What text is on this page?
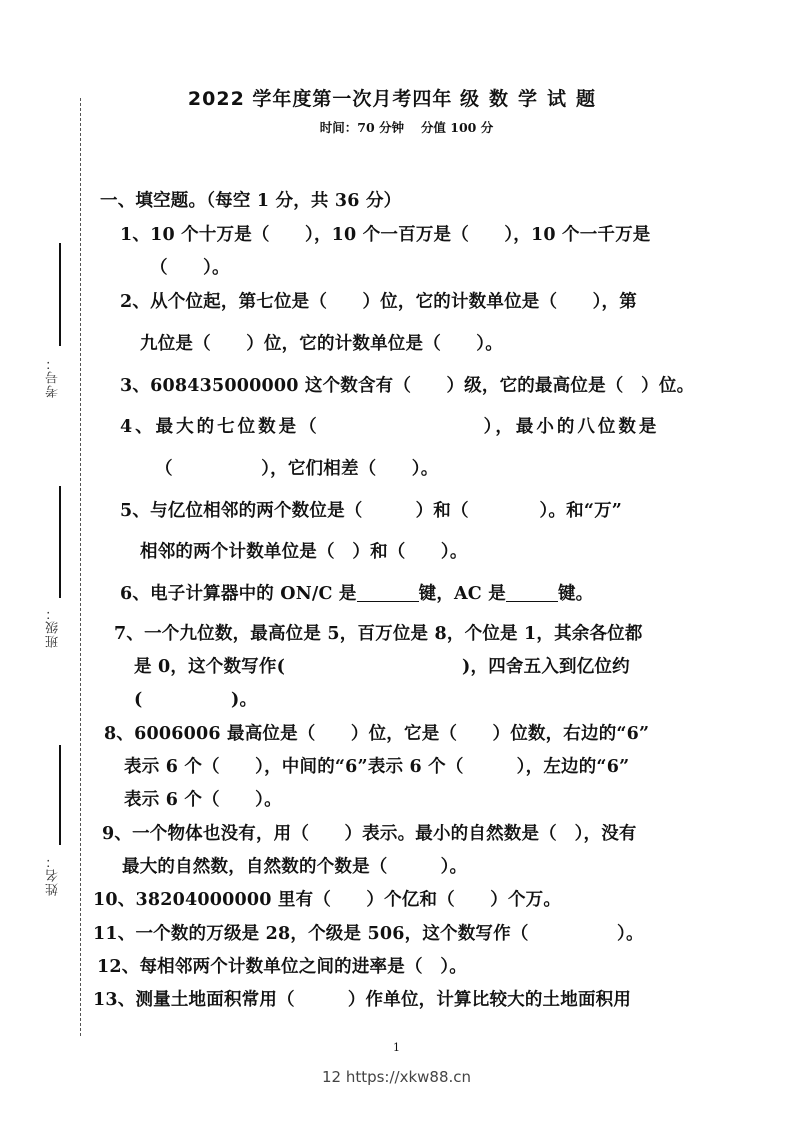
考号：
班级：
姓名：
2022 学年度第一次月考四年 级数学试题
时间：70 分钟　 分值 100 分
一、填空题。（每空 1 分，共 36 分）
1、10 个十万是（　　），10 个一百万是（　　），10 个一千万是
（　　）。
2、从个位起，第七位是（　　）位，它的计数单位是（　　），第
九位是（　　）位，它的计数单位是（　　）。
3、608435000000 这个数含有（　　）级，它的最高位是（　）位。
4、最大的七位数是（　　　　　　　　），最小的八位数是
（　　　　　），它们相差（　　）。
5、与亿位相邻的两个数位是（　　　）和（　　　　）。和“万”
相邻的两个计数单位是（　）和（　　）。
6、电子计算器中的 ON/C 是	键，AC 是	键。
7、一个九位数，最高位是 5，百万位是 8，个位是 1，其余各位都
是 0，这个数写作(　　　　　　　　　　)，四舍五入到亿位约
(　　　　　)。
8、6006006 最高位是（　　）位，它是（　　）位数，右边的“6”
表示 6 个（　　），中间的“6”表示 6 个（　　　），左边的“6”
表示 6 个（　　）。
9、一个物体也没有，用（　　）表示。最小的自然数是（　），没有
最大的自然数，自然数的个数是（　　　）。
10、38204000000 里有（　　）个亿和（　　）个万。
11、一个数的万级是 28，个级是 506，这个数写作（　　　　　）。
12、每相邻两个计数单位之间的进率是（　）。
13、测量土地面积常用（　　　）作单位，计算比较大的土地面积用
1
12 https://xkw88.cn
